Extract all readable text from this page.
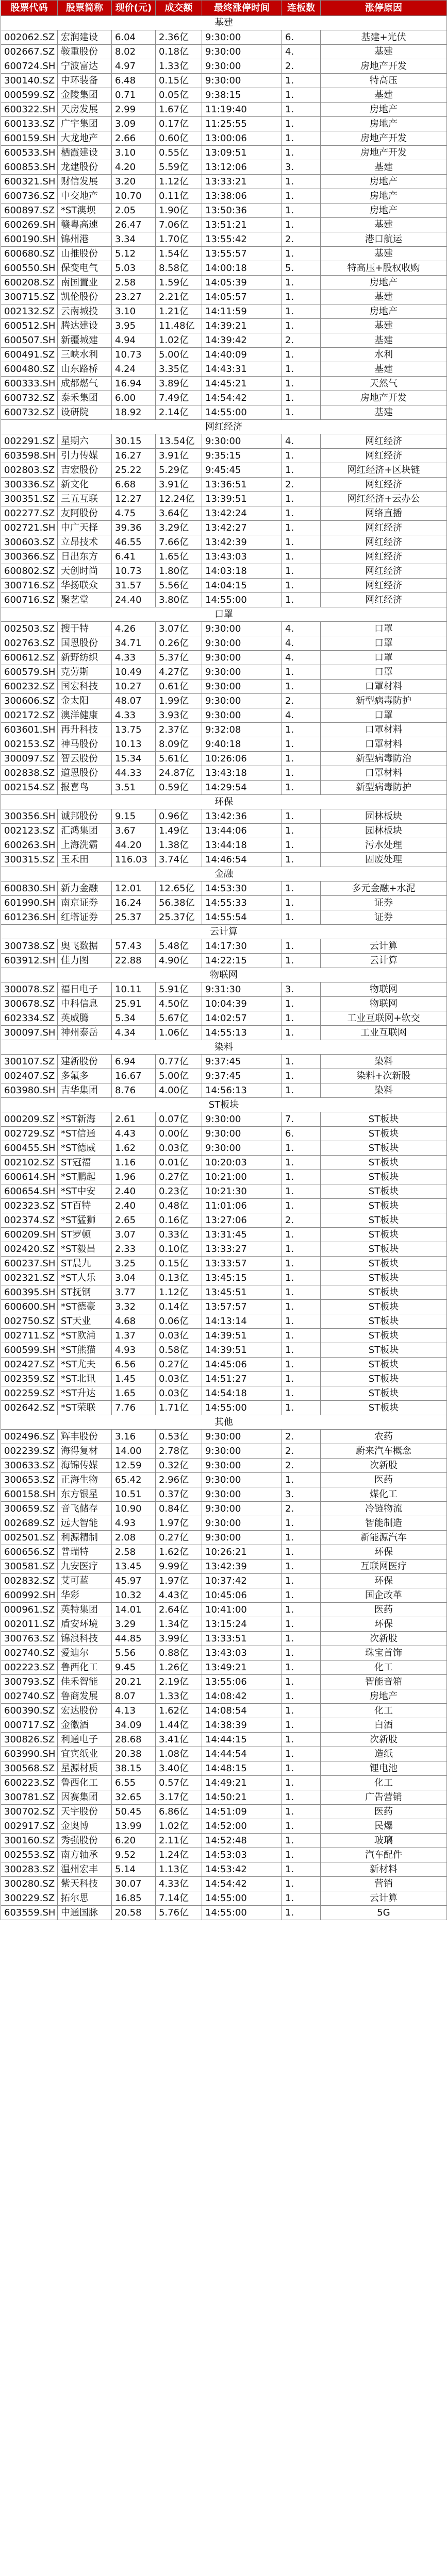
股票代码	股票简称	现价(元)	成交额	最终涨停时间	连板数	涨停原因
基建						
002062.SZ	宏润建设	6.04	2.36亿	9:30:00	6.	基建+光伏
002667.SZ	鞍重股份	8.02	0.18亿	9:30:00	4.	基建
600724.SH	宁波富达	4.97	1.33亿	9:30:00	2.	房地产开发
300140.SZ	中环装备	6.48	0.15亿	9:30:00	1.	特高压
000599.SZ	金陵集团	0.71	0.05亿	9:38:15	1.	基建
600322.SH	天房发展	2.99	1.67亿	11:19:40	1.	房地产
600133.SZ	广宇集团	3.09	0.17亿	11:25:55	1.	房地产
600159.SH	大龙地产	2.66	0.60亿	13:00:06	1.	房地产开发
600533.SH	栖霞建设	3.10	0.55亿	13:09:51	1.	房地产开发
600853.SH	龙建股份	4.20	5.59亿	13:12:06	3.	基建
600321.SH	财信发展	3.20	1.12亿	13:33:21	1.	房地产
600736.SZ	中交地产	10.70	0.11亿	13:38:06	1.	房地产
600897.SZ	*ST澳坝	2.05	1.90亿	13:50:36	1.	房地产
600269.SH	赣粤高速	26.47	7.06亿	13:51:21	1.	基建
600190.SH	锦州港	3.34	1.70亿	13:55:42	2.	港口航运
600680.SZ	山推股份	5.12	1.54亿	13:55:57	1.	基建
600550.SH	保变电气	5.03	8.58亿	14:00:18	5.	特高压+股权收购
600208.SZ	南国置业	2.58	1.59亿	14:05:39	1.	房地产
300715.SZ	凯伦股份	23.27	2.21亿	14:05:57	1.	基建
002132.SZ	云南城投	3.10	1.21亿	14:11:59	1.	房地产
600512.SH	腾达建设	3.95	11.48亿	14:39:21	1.	基建
600507.SH	新疆城建	4.94	1.02亿	14:39:42	2.	基建
600491.SZ	三峡水利	10.73	5.00亿	14:40:09	1.	水利
600480.SZ	山东路桥	4.24	3.35亿	14:43:31	1.	基建
600333.SH	成都燃气	16.94	3.89亿	14:45:21	1.	天然气
600732.SZ	泰禾集团	6.00	7.49亿	14:54:42	1.	房地产开发
600732.SZ	设研院	18.92	2.14亿	14:55:00	1.	基建
网红经济						
002291.SZ	星期六	30.15	13.54亿	9:30:00	4.	网红经济
603598.SH	引力传媒	16.27	3.91亿	9:35:15	1.	网红经济
002803.SZ	吉宏股份	25.22	5.29亿	9:45:45	1.	网红经济+区块链
300336.SZ	新文化	6.68	3.91亿	13:36:51	2.	网红经济
300351.SZ	三五互联	12.27	12.24亿	13:39:51	1.	网红经济+云办公
002277.SZ	友阿股份	4.75	3.64亿	13:42:24	1.	网络直播
002721.SH	中广天择	39.36	3.29亿	13:42:27	1.	网红经济
300603.SZ	立昂技术	46.55	7.66亿	13:42:39	1.	网红经济
300366.SZ	日出东方	6.41	1.65亿	13:43:03	1.	网红经济
600802.SZ	天创时尚	10.73	1.80亿	14:03:18	1.	网红经济
300716.SZ	华扬联众	31.57	5.56亿	14:04:15	1.	网红经济
600716.SZ	聚艺堂	24.40	3.80亿	14:55:00	1.	网红经济
口罩						
002503.SZ	搜于特	4.26	3.07亿	9:30:00	4.	口罩
002763.SZ	国恩股份	34.71	0.26亿	9:30:00	4.	口罩
600612.SZ	新野纺织	4.33	5.37亿	9:30:00	4.	口罩
600579.SH	克劳斯	10.49	4.27亿	9:30:00	1.	口罩
600232.SZ	国宏科技	10.27	0.61亿	9:30:00	1.	口罩材料
300606.SZ	金太阳	48.07	1.99亿	9:30:00	2.	新型病毒防护
002172.SZ	澳洋健康	4.33	3.93亿	9:30:00	4.	口罩
603601.SH	再升科技	13.75	2.37亿	9:32:08	1.	口罩材料
002153.SZ	神马股份	10.13	8.09亿	9:40:18	1.	口罩材料
300097.SZ	智云股份	15.34	5.61亿	10:26:06	1.	新型病毒防治
002838.SZ	道恩股份	44.33	24.87亿	13:43:18	1.	口罩材料
002154.SZ	报喜鸟	3.51	0.59亿	14:29:54	1.	新型病毒防护
环保						
300356.SH	诚邦股份	9.15	0.96亿	13:42:36	1.	园林板块
002123.SZ	汇鸿集团	3.67	1.49亿	13:44:06	1.	园林板块
600263.SH	上海洗霸	44.20	1.38亿	13:44:18	1.	污水处理
300315.SZ	玉禾田	116.03	3.74亿	14:46:54	1.	固废处理
金融						
600830.SH	新力金融	12.01	12.65亿	14:53:30	1.	多元金融+水泥
601990.SH	南京证券	16.24	56.38亿	14:55:33	1.	证券
601236.SH	红塔证券	25.37	25.37亿	14:55:54	1.	证券
云计算						
300738.SZ	奥飞数据	57.43	5.48亿	14:17:30	1.	云计算
603912.SH	佳力图	22.88	4.90亿	14:22:15	1.	云计算
物联网						
300078.SZ	福日电子	10.11	5.91亿	9:31:30	3.	物联网
300678.SZ	中科信息	25.91	4.50亿	10:04:39	1.	物联网
602334.SZ	英威腾	5.34	5.67亿	14:02:57	1.	工业互联网+软交
300097.SH	神州泰岳	4.34	1.06亿	14:55:13	1.	工业互联网
染料						
300107.SZ	建新股份	6.94	0.77亿	9:37:45	1.	染料
002407.SZ	多氟多	16.67	5.00亿	9:37:45	1.	染料+次新股
603980.SH	吉华集团	8.76	4.00亿	14:56:13	1.	染料
ST板块						
000209.SZ	*ST新海	2.61	0.07亿	9:30:00	7.	ST板块
002729.SZ	*ST信通	4.43	0.00亿	9:30:00	6.	ST板块
600455.SH	*ST德威	1.62	0.03亿	9:30:00	1.	ST板块
002102.SZ	ST冠福	1.16	0.01亿	10:20:03	1.	ST板块
600614.SH	*ST鹏起	1.96	0.27亿	10:21:00	1.	ST板块
600654.SH	*ST中安	2.40	0.23亿	10:21:30	1.	ST板块
002323.SZ	ST百特	2.40	0.48亿	11:01:06	1.	ST板块
002374.SZ	*ST猛狮	2.65	0.16亿	13:27:06	2.	ST板块
600209.SH	ST罗顿	3.07	0.33亿	13:31:45	1.	ST板块
002420.SZ	*ST毅昌	2.33	0.10亿	13:33:27	1.	ST板块
600237.SH	ST晨九	3.25	0.15亿	13:33:57	1.	ST板块
002321.SZ	*ST人乐	3.04	0.13亿	13:45:15	1.	ST板块
600395.SH	ST抚钢	3.77	1.12亿	13:45:51	1.	ST板块
600600.SH	*ST德豪	3.32	0.14亿	13:57:57	1.	ST板块
002750.SZ	ST天业	4.68	0.06亿	14:13:14	1.	ST板块
002711.SZ	*ST欧浦	1.37	0.03亿	14:39:51	1.	ST板块
600599.SH	*ST熊猫	4.93	0.58亿	14:39:51	1.	ST板块
002427.SZ	*ST尤夫	6.56	0.27亿	14:45:06	1.	ST板块
002359.SZ	*ST北讯	1.45	0.03亿	14:51:27	1.	ST板块
002259.SZ	*ST升达	1.65	0.03亿	14:54:18	1.	ST板块
002642.SZ	*ST荣联	7.76	1.71亿	14:55:00	1.	ST板块
其他						
002496.SZ	辉丰股份	3.16	0.53亿	9:30:00	2.	农药
002239.SZ	海得复材	14.00	2.78亿	9:30:00	2.	蔚来汽车概念
300633.SZ	海锦传媒	12.59	0.32亿	9:30:00	2.	次新股
300653.SZ	正海生物	65.42	2.96亿	9:30:00	1.	医药
600158.SH	东方银星	10.51	0.37亿	9:30:00	3.	煤化工
300659.SZ	音飞储存	10.90	0.84亿	9:30:00	2.	冷链物流
002689.SZ	远大智能	4.93	1.97亿	9:30:00	1.	智能制造
002501.SZ	利源精制	2.08	0.27亿	9:30:00	1.	新能源汽车
600656.SZ	普瑞特	2.58	1.62亿	10:26:21	1.	环保
300581.SZ	九安医疗	13.45	9.99亿	13:42:39	1.	互联网医疗
002832.SZ	艾可蓝	45.97	1.97亿	10:37:42	1.	环保
600992.SH	华彩	10.32	4.43亿	10:45:06	1.	国企改革
000961.SZ	英特集团	14.01	2.64亿	10:41:00	1.	医药
002011.SZ	盾安环境	3.29	1.34亿	13:15:24	1.	环保
300763.SZ	锦浪科技	44.85	3.99亿	13:33:51	1.	次新股
002740.SZ	爱迪尔	5.56	0.88亿	13:43:03	1.	珠宝首饰
002223.SZ	鲁西化工	9.45	1.26亿	13:49:21	1.	化工
300793.SZ	佳禾智能	20.21	2.19亿	13:55:06	1.	智能音箱
002740.SZ	鲁商发展	8.07	1.33亿	14:08:42	1.	房地产
600390.SZ	宏达股份	4.13	1.62亿	14:08:54	1.	化工
000717.SZ	金徽酒	34.09	1.44亿	14:38:39	1.	白酒
300826.SZ	利通电子	28.68	3.41亿	14:44:15	1.	次新股
603990.SH	宜宾纸业	20.38	1.08亿	14:44:54	1.	造纸
300568.SZ	星源材质	38.15	3.40亿	14:48:15	1.	锂电池
600223.SZ	鲁西化工	6.55	0.57亿	14:49:21	1.	化工
300781.SZ	因赛集团	32.65	3.17亿	14:50:21	1.	广告营销
300702.SZ	天宇股份	50.45	6.86亿	14:51:09	1.	医药
002917.SZ	金奥博	13.99	1.02亿	14:52:00	1.	民爆
300160.SZ	秀强股份	6.20	2.11亿	14:52:48	1.	玻璃
002553.SZ	南方轴承	9.52	1.24亿	14:53:03	1.	汽车配件
300283.SZ	温州宏丰	5.14	1.13亿	14:53:42	1.	新材料
300280.SZ	紫天科技	30.07	4.33亿	14:54:42	1.	营销
300229.SZ	拓尔思	16.85	7.14亿	14:55:00	1.	云计算
603559.SH	中通国脉	20.58	5.76亿	14:55:00	1.	5G
